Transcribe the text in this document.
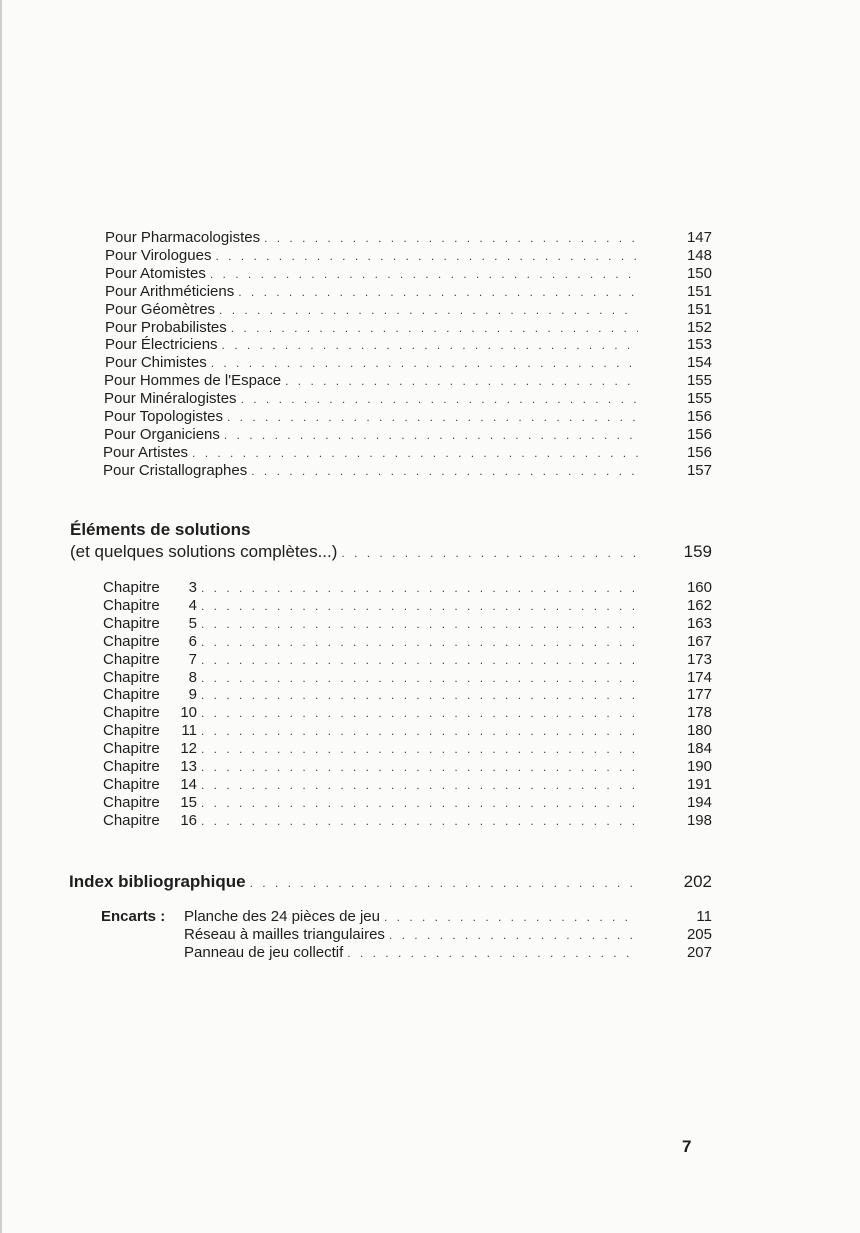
Pour Pharmacologistes . . .	147
Pour Virologues . . .	148
Pour Atomistes . . .	150
Pour Arithméticiens . . .	151
Pour Géomètres . . .	151
Pour Probabilistes . . .	152
Pour Électriciens . . .	153
Pour Chimistes . . .	154
Pour Hommes de l'Espace . . .	155
Pour Minéralogistes . . .	155
Pour Topologistes . . .	156
Pour Organiciens . . .	156
Pour Artistes . . .	156
Pour Cristallographes . . .	157
Éléments de solutions
(et quelques solutions complètes...) . . .	159
Chapitre 3 . . .	160
Chapitre 4 . . .	162
Chapitre 5 . . .	163
Chapitre 6 . . .	167
Chapitre 7 . . .	173
Chapitre 8 . . .	174
Chapitre 9 . . .	177
Chapitre 10 . . .	178
Chapitre 11 . . .	180
Chapitre 12 . . .	184
Chapitre 13 . . .	190
Chapitre 14 . . .	191
Chapitre 15 . . .	194
Chapitre 16 . . .	198
Index bibliographique . . .	202
Encarts : Planche des 24 pièces de jeu . . .	11
Réseau à mailles triangulaires . . .	205
Panneau de jeu collectif . . .	207
7
